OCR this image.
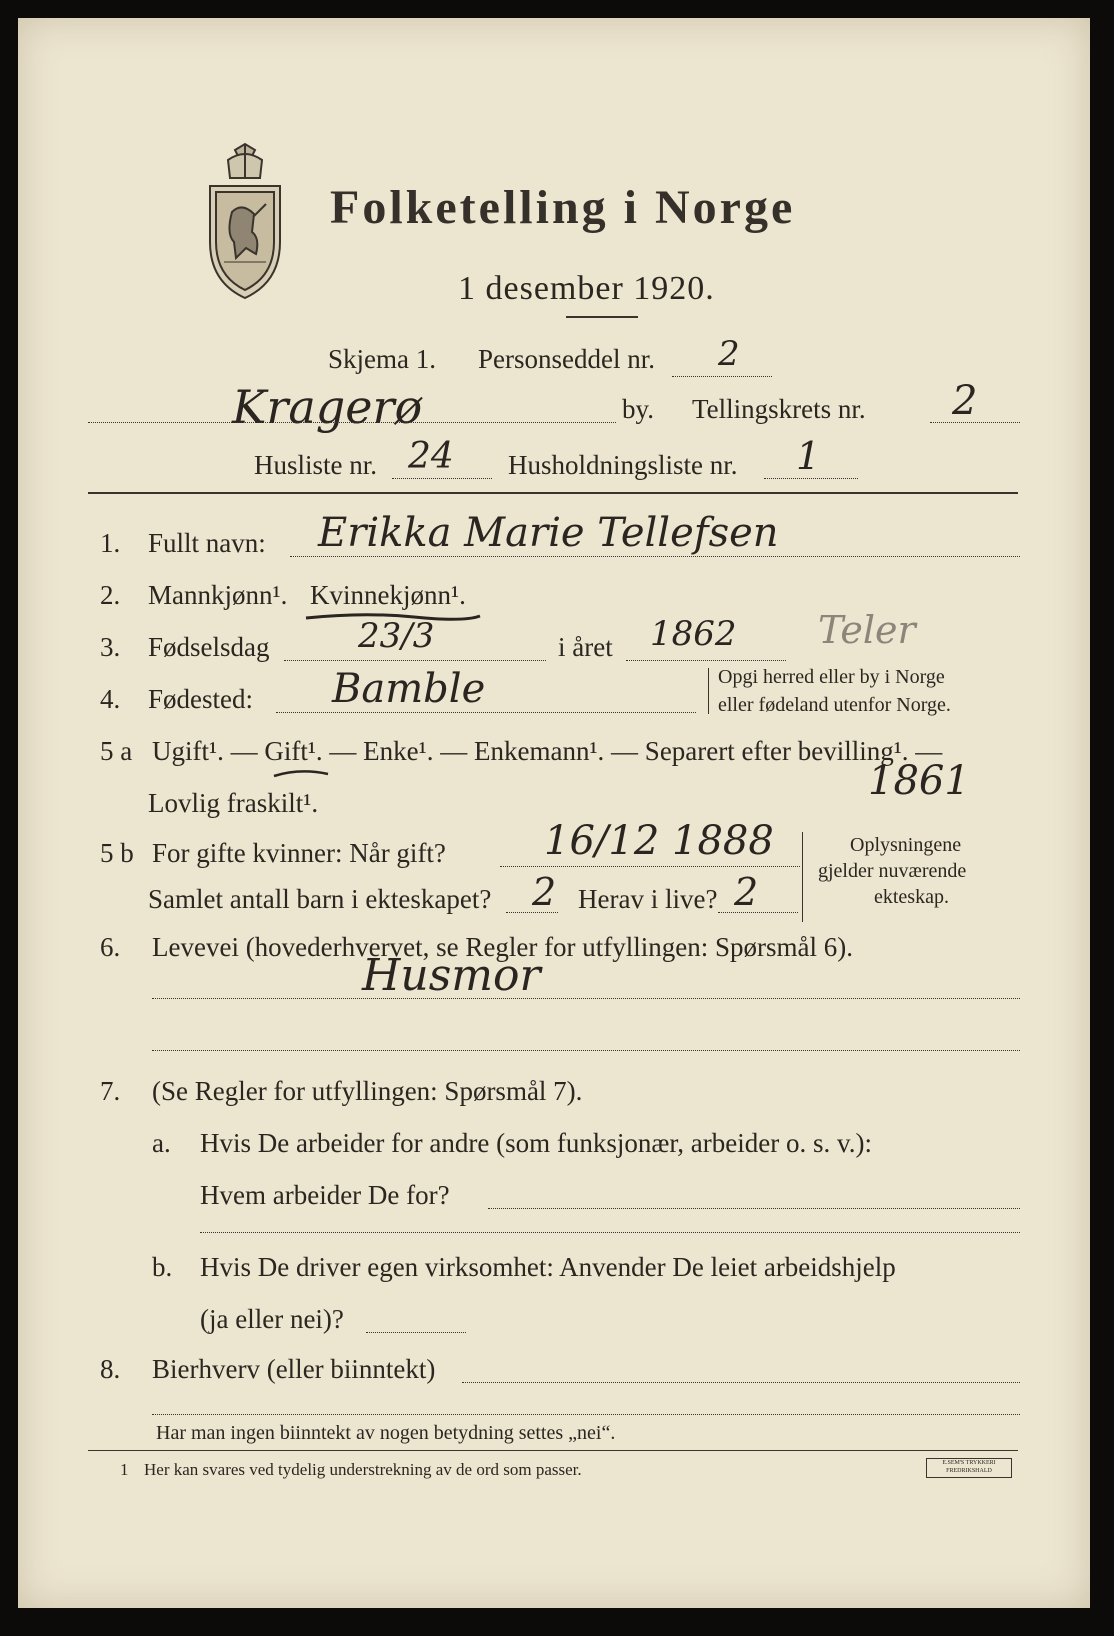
Folketelling i Norge
1 desember 1920.
Skjema 1. Personseddel nr. 2
Kragerø	by. Tellingskrets nr. 2
Husliste nr. 24 Husholdningsliste nr. 1
1. Fullt navn: Erikka Marie Tellefsen
2. Mannkjønn¹. Kvinnekjønn¹.
3. Fødselsdag	23/3	i året 1862 Teler
4. Fødested: Bamble	Opgi herred eller by i Norge
eller fødeland utenfor Norge.
5 a Ugift¹. — Gift¹. — Enke¹. — Enkemann¹. — Separert efter bevilling¹. —
Lovlig fraskilt¹.	1861
5 b For gifte kvinner: Når gift? 16/12 1888
Samlet antall barn i ekteskapet? 2 Herav i live? 2
Oplysningene
gjelder nuværende
ekteskap.
6. Levevei (hovederhvervet, se Regler for utfyllingen: Spørsmål 6).
Husmor
7. (Se Regler for utfyllingen: Spørsmål 7).
a. Hvis De arbeider for andre (som funksjonær, arbeider o. s. v.):
Hvem arbeider De for?
b. Hvis De driver egen virksomhet: Anvender De leiet arbeidshjelp
(ja eller nei)?
8. Bierhverv (eller biinntekt)
Har man ingen biinntekt av nogen betydning settes „nei“.
1 Her kan svares ved tydelig understrekning av de ord som passer.	E.SEM'S TRYKKERI FREDRIKSHALD
